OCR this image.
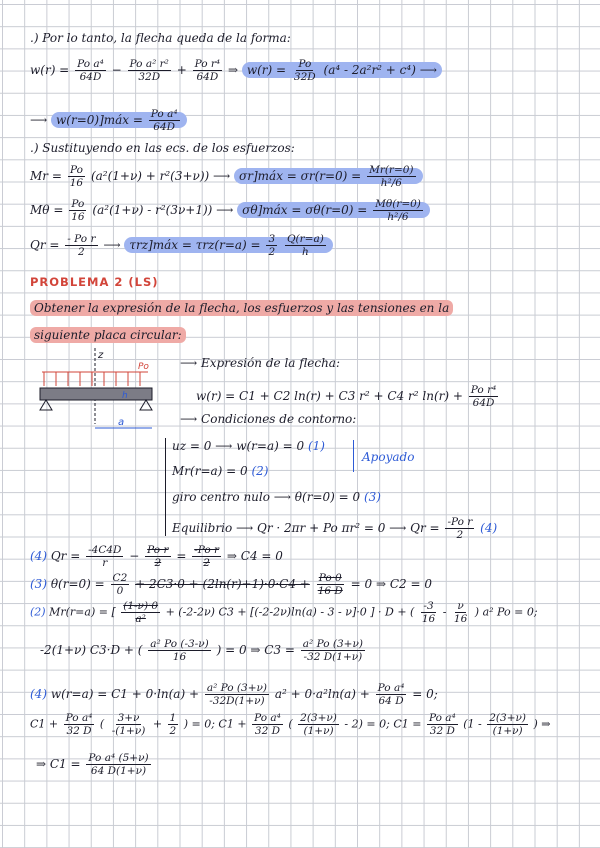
.) Por lo tanto, la flecha queda de la forma:
$w(r) = \frac{\text{Po a⁴}}{64D} - \frac{\text{Po a² r²}}{32D} + \frac{\text{Po r⁴}}{64D}$ ⇒ $w(r) = \frac{Po}{32D} (a^4 - 2a^2r^2 + c^4)$ ⟶
⟶ w(r=0)]máx = $\frac{\text{Po a⁴}}{64D}$
.) Sustituyendo en las ecs. de los esfuerzos:
$Mr = \frac{Po}{16} (a^2(1+\nu) + r^2(3+\nu))$ ⟶ σr]máx = $\sigma r(r=0) = \frac{Mr(r=0)}{\text{h²/6}}$
$M\theta = \frac{Po}{16} (a^2(1+\nu) - r^2(3\nu+1))$ ⟶ σθ]máx = $\sigma\theta(r=0) = \frac{M\theta(r=0)}{\text{h²/6}}$
$Qr = \frac{\text{- Po r}}{2}$ ⟶ τrz]máx = $\tau rz(r=a) = \frac{3}{2}$
$\frac{Q(r=a)}{h}$
PROBLEMA 2 (LS)
Obtener la expresión de la flecha, los esfuerzos y las tensiones en la
siguiente placa circular:
z
Po
h
a
⟶ Expresión de la flecha:
w(r) = C1 + C2 ln(r) + C3 r² + C4 r² $\ln(r) + \frac{\text{Po r⁴}}{64D}$
⟶ Condiciones de contorno:
uz = 0 ⟶ w(r=a) = 0 (1)
Mr(r=a) = 0 (2)
Apoyado
giro centro nulo ⟶ θ(r=0) = 0 (3)
Equilibrio ⟶ Qr · 2πr + Po πr² = 0 ⟶ $Qr = \frac{\text{-Po r}}{2} (4)$
(4) $Qr = \frac{-4C4D}{r} - \frac{\text{Po r}}{2} = \frac{\text{-Po r}}{2}$ ⇒ C4 = 0
(3) $\theta(r=0) = \frac{C2}{0} + 2C3\cdot 0 + (2\ln(r)+1)\cdot 0\cdot C4 + \frac{Po\cdot 0}{16 D} = 0$ ⇒ C2 = 0
(2) Mr(r=a) = [ $\frac{(1-\nu)\cdot 0}{\text{a²}} + (-2-2\nu) C3 + [(-2-2\nu)\ln(a) - 3 - \nu]\cdot 0$ ] · D + ( $\frac{-3}{16} - \frac{\nu}{16}$ ) a² Po = 0;
-2(1+ν) C3·D + ( $\frac{\text{a² Po (-3-ν)}}{16}$ ) = 0 ⇒ $C3 = \frac{\text{a² Po (3+ν)}}{-32 D(1+\nu)}$
(4) $w(r=a) = C1 + 0\cdot\ln(a) + \frac{\text{a² Po (3+ν)}}{-32D(1+\nu)} a^2 + 0\cdot a^2\ln(a) + \frac{\text{Po a⁴}}{64 D} = 0$;
$C1 + \frac{\text{Po a⁴}}{32 D}$ ( $\frac{3+\nu}{-(1+\nu)} + \frac{1}{2}$ ) = 0; $C1 + \frac{\text{Po a⁴}}{32 D}$ ( $\frac{2(3+\nu)}{(1+\nu)} - 2) = 0$; $C1 = \frac{\text{Po a⁴}}{32 D} (1 - \frac{2(3+\nu)}{(1+\nu)}$ ) ⇒
⇒ $C1 = \frac{\text{Po a⁴ (5+ν)}}{64 D(1+\nu)}$
